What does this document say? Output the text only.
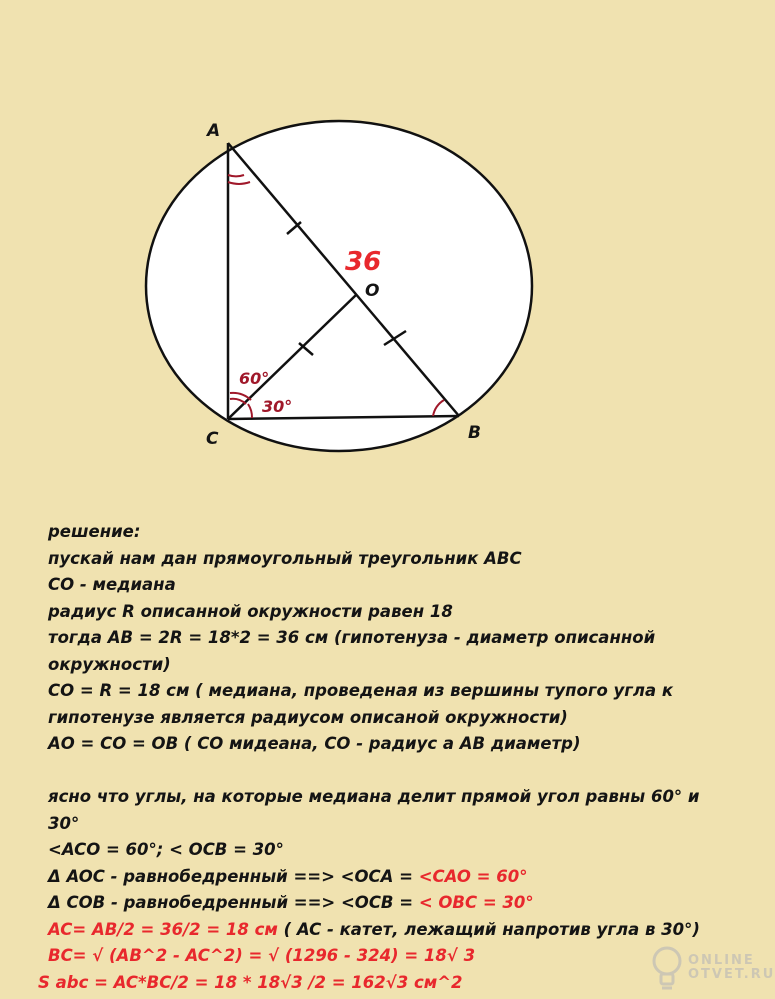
A
B
C
O
36
60°
30°
решение:
пускай нам дан прямоугольный треугольник АВС
СО - медиана
радиус R описанной окружности равен 18
тогда АВ = 2R = 18*2 = 36 см (гипотенуза - диаметр описанной
окружности)
СО = R = 18 см ( медиана, проведеная из вершины тупого угла к
гипотенузе является радиусом описаной окружности)
АО = СО = ОВ ( СО мидеана, СО - радиус а АВ диаметр)
ясно что углы, на которые медиана делит прямой угол равны 60° и
30°
<ACO = 60°; < OCB = 30°
Δ AOC - равнобедренный ==> <OCA = <CAO = 60°
Δ COB - равнобедренный ==> <OCB = < OBC = 30°
AC= AB/2 = 36/2 = 18 см ( AC - катет, лежащий напротив угла в 30°)
BC= √ (AB^2 - AC^2) = √ (1296 - 324) = 18√ 3
S abc = AC*BC/2 = 18 * 18√3 /2 = 162√3 см^2
ONLINE
OTVET.RU
